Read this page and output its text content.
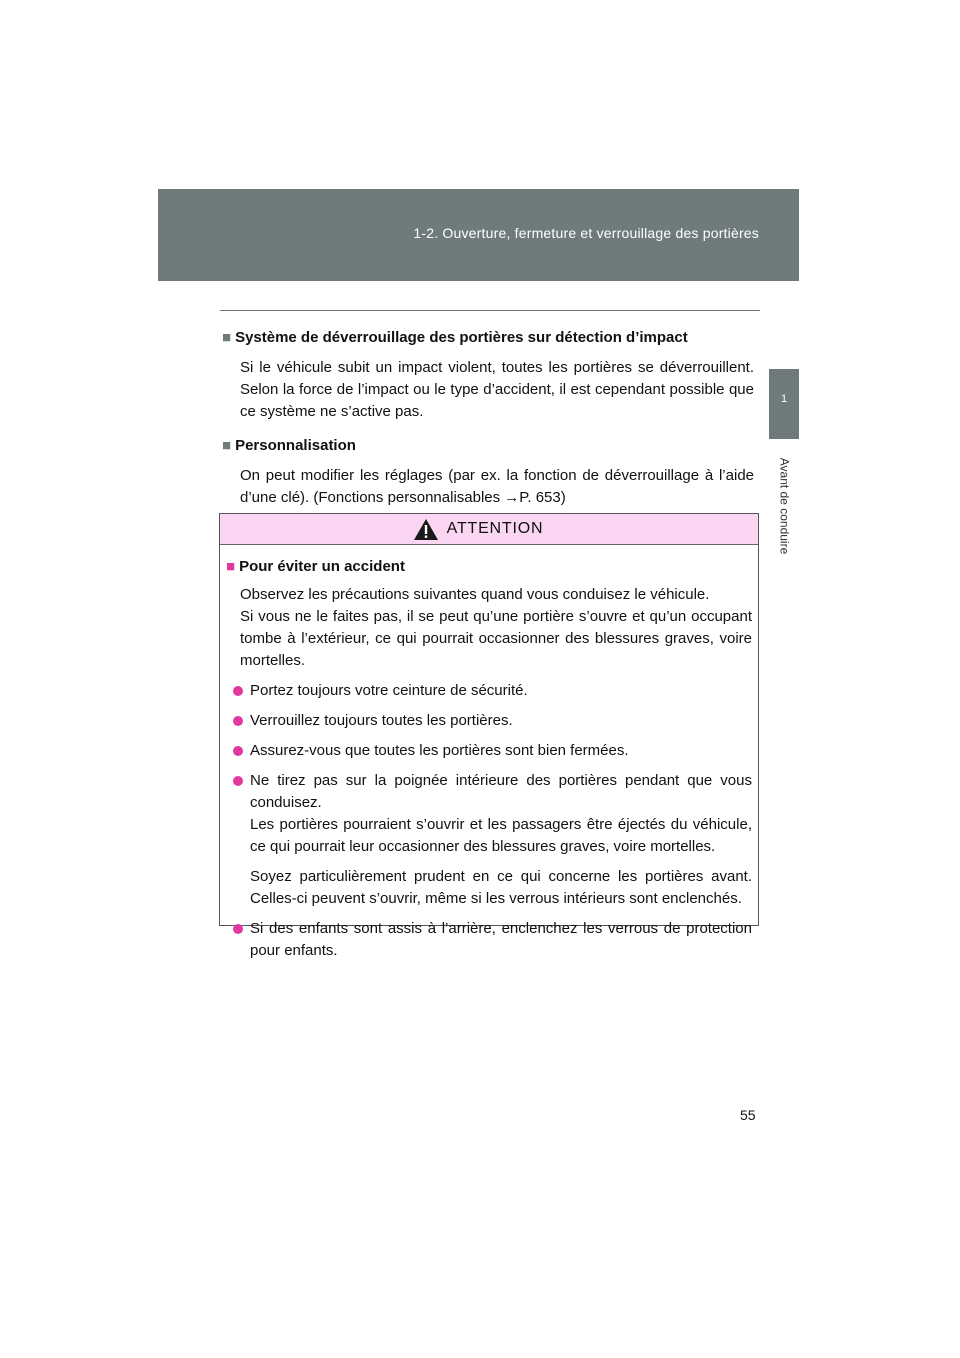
1-2. Ouverture, fermeture et verrouillage des portières
1
Avant de conduire
■ Système de déverrouillage des portières sur détection d’impact

Si le véhicule subit un impact violent, toutes les portières se déverrouillent. Selon la force de l’impact ou le type d’accident, il est cependant possible que ce système ne s’active pas.

■ Personnalisation

On peut modifier les réglages (par ex. la fonction de déverrouillage à l’aide d’une clé). (Fonctions personnalisables →P. 653)

ATTENTION
■ Pour éviter un accident

Observez les précautions suivantes quand vous conduisez le véhicule.
Si vous ne le faites pas, il se peut qu’une portière s’ouvre et qu’un occupant tombe à l’extérieur, ce qui pourrait occasionner des blessures graves, voire mortelles.

Portez toujours votre ceinture de sécurité.
Verrouillez toujours toutes les portières.
Assurez-vous que toutes les portières sont bien fermées.

Ne tirez pas sur la poignée intérieure des portières pendant que vous conduisez.
Les portières pourraient s’ouvrir et les passagers être éjectés du véhicule, ce qui pourrait leur occasionner des blessures graves, voire mortelles.

Soyez particulièrement prudent en ce qui concerne les portières avant. Celles-ci peuvent s’ouvrir, même si les verrous intérieurs sont enclenchés.

Si des enfants sont assis à l’arrière, enclenchez les verrous de protection pour enfants.
55
